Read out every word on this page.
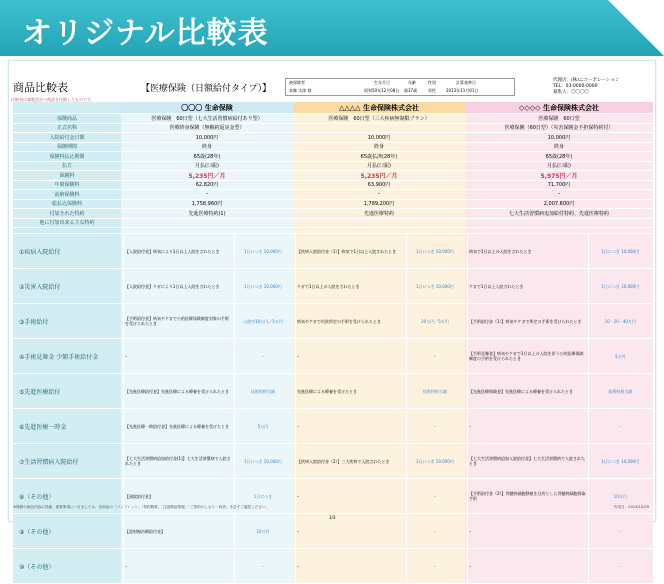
オリジナル比較表
商品比較表	【医療保険（日額給付タイプ）】
比較表は複数会社の商品を比較したものです。
被保険者
本郷 太郎 様
生年月日
昭和50年12月08日
年齢
満37歳
性別
男性
計算基準日
2013年11月01日
代理店：(株)ニコーポレーション
TEL：03-0000-0000
募集人：〇〇〇〇
〇〇〇 生命保険	△△△△ 生命保険株式会社	◇◇◇◇ 生命保険株式会社
保険商品	医療保険　60日型（七大生活習慣病給付あり型）	医療保険　60日型（三大疾病無制限プラン）	医療保険　60日型
正式名称	医療終身保険（無解約返戻金型）	医療保険（60日型）（災害保険金不担保特約付）
入院給付金日額	10,000円	10,000円	10,000円
保険期間	終身	終身	終身
保険料払込期間	65歳(28年)	65歳払済(28年)	65歳(28年)
払方	月払(口振)	月払(口振)	月払(口振)
保険料	5,235円／月	5,235円／月	5,975円／月
年間保険料	62,820円	63,900円	71,700円
前納保険料	–	–	–
総払込保険料	1,758,960円	1,789,200円	2,007,600円
付加された特約	先進医療特約(1)	先進医療特約	七大生活習慣病追加給付特約、先進医療特約
他に付加出来る主な特約
①疾病入院給付	【入院給付金】病気により1日以上入院をされたとき	1日につき 10,000円	【疾病入院給付金（1）】病気で1日以上入院されたとき	1日につき 10,000円	病気で1日以上の入院をされたとき	1日につき 10,000円
②災害入院給付	【入院給付金】ケガにより1日以上入院をされたとき	1日につき 10,000円	ケガで1日以上の入院をされたとき	1日につき 10,000円	ケガで1日以上入院されたとき	1日につき 10,000円
③手術給付	【手術給付金】病気やケガで公的医療保険制度対象の手術を受けられたとき	入院中10万円／5万円	病気やケガで約款所定の手術を受けられたとき	20万円／5万円	【手術給付金（1）】病気やケガで所定の手術を受けられたとき	10・20・40万円
④手術見舞金 少額手術給付金	–	–	–	–	【手術見舞金】病気やケガで1日以上の入院を伴う公的医療保険制度の手術を受けられたとき	5万円
⑤先進医療給付	【先進医療給付金】先進医療による療養を受けられたとき	技術料相当額	先進医療による療養を受けたとき	技術料相当額	【先進医療保険金】先進医療による療養を受けられたとき	技術料相当額
⑥先進医療一時金	【先進医療一時給付金】先進医療による療養を受けたとき	5万円	–	–	–	–
⑦生活習慣病入院給付	【七大生活習慣病追加給付金(1)】七大生活習慣病で入院されたとき	1日につき 10,000円	【疾病入院給付金（2）】三大疾病で入院されたとき	1日につき 10,000円	【七大生活習慣病追加入院給付金】七大生活習慣病で入院されたとき	1日につき 10,000円
⑧（その他）	【通院給付金】	1日につき	–	–	【手術給付金（2）】骨髄幹細胞移植を目的とした骨髄幹細胞採取手術	10万円
⑨（その他）	【放射線治療給付金】	10万円	–	–	–	–
⑩（その他）	–	–	–	–	–	–
※保険の商品内容の詳細、重要事項につきましては、各商品の「パンフレット」「契約概要」「注意喚起情報」「ご契約のしおり・約款」を必ずご確認ください。	作成日：2013/10/29
1/3
